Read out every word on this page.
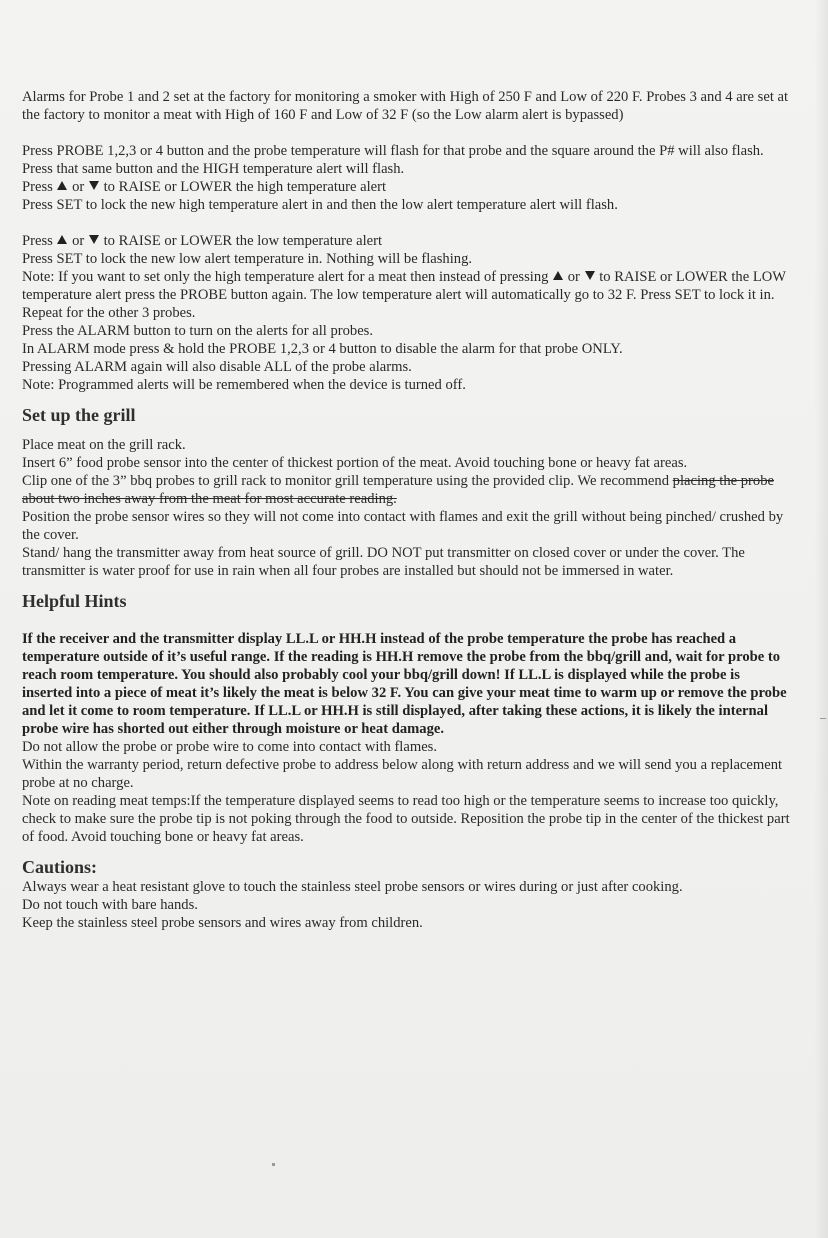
Alarms for Probe 1 and 2 set at the factory for monitoring a smoker with High of 250 F and Low of 220 F. Probes 3 and 4 are set at the factory to monitor a meat with High of 160 F and Low of 32 F (so the Low alarm alert is bypassed)

Press PROBE 1,2,3 or 4 button and the probe temperature will flash for that probe and the square around the P# will also flash.

Press that same button and the HIGH temperature alert will flash.

Press or to RAISE or LOWER the high temperature alert

Press SET to lock the new high temperature alert in and then the low alert temperature alert will flash.

Press or to RAISE or LOWER the low temperature alert

Press SET to lock the new low alert temperature in. Nothing will be flashing.

Note: If you want to set only the high temperature alert for a meat then instead of pressing or to RAISE or LOWER the LOW temperature alert press the PROBE button again. The low temperature alert will automatically go to 32 F. Press SET to lock it in.

Repeat for the other 3 probes.

Press the ALARM button to turn on the alerts for all probes.

In ALARM mode press & hold the PROBE 1,2,3 or 4 button to disable the alarm for that probe ONLY.

Pressing ALARM again will also disable ALL of the probe alarms.

Note: Programmed alerts will be remembered when the device is turned off.

Set up the grill

Place meat on the grill rack.

Insert 6” food probe sensor into the center of thickest portion of the meat. Avoid touching bone or heavy fat areas.

Clip one of the 3” bbq probes to grill rack to monitor grill temperature using the provided clip. We recommend placing the probe about two inches away from the meat for most accurate reading.

Position the probe sensor wires so they will not come into contact with flames and exit the grill without being pinched/ crushed by the cover.

Stand/ hang the transmitter away from heat source of grill. DO NOT put transmitter on closed cover or under the cover. The transmitter is water proof for use in rain when all four probes are installed but should not be immersed in water.

Helpful Hints

If the receiver and the transmitter display LL.L or HH.H instead of the probe temperature the probe has reached a temperature outside of it’s useful range. If the reading is HH.H remove the probe from the bbq/grill and, wait for probe to reach room temperature. You should also probably cool your bbq/grill down! If LL.L is displayed while the probe is inserted into a piece of meat it’s likely the meat is below 32 F. You can give your meat time to warm up or remove the probe and let it come to room temperature. If LL.L or HH.H is still displayed, after taking these actions, it is likely the internal probe wire has shorted out either through moisture or heat damage.

Do not allow the probe or probe wire to come into contact with flames.

Within the warranty period, return defective probe to address below along with return address and we will send you a replacement probe at no charge.

Note on reading meat temps:If the temperature displayed seems to read too high or the temperature seems to increase too quickly, check to make sure the probe tip is not poking through the food to outside. Reposition the probe tip in the center of the thickest part of food. Avoid touching bone or heavy fat areas.

Cautions:

Always wear a heat resistant glove to touch the stainless steel probe sensors or wires during or just after cooking.

Do not touch with bare hands.

Keep the stainless steel probe sensors and wires away from children.
